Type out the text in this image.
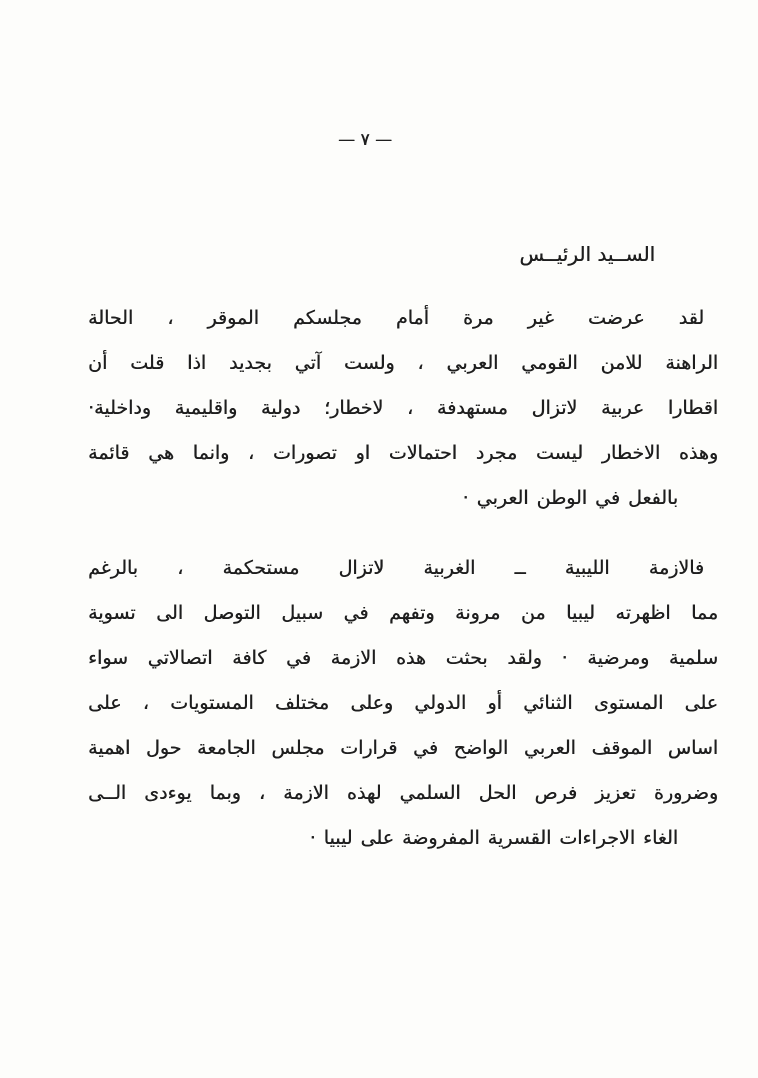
— ٧ —
الســيد الرئيــس
لقد عرضت غير مرة أمام مجلسكم الموقر ، الحالة
الراهنة للامن القومي العربي ، ولست آتي بجديد اذا قلت أن
اقطارا عربية لاتزال مستهدفة ، لاخطار؛ دولية واقليمية وداخلية·
وهذه الاخطار ليست مجرد احتمالات او تصورات ، وانما هي قائمة
بالفعل في الوطن العربي ·
فالازمة الليبية ــ الغربية لاتزال مستحكمة ، بالرغم
مما اظهرته ليبيا من مرونة وتفهم في سبيل التوصل الى تسوية
سلمية ومرضية · ولقد بحثت هذه الازمة في كافة اتصالاتي سواء
على المستوى الثنائي أو الدولي وعلى مختلف المستويات ، على
اساس الموقف العربي الواضح في قرارات مجلس الجامعة حول اهمية
وضرورة تعزيز فرص الحل السلمي لهذه الازمة ، وبما يوءدى الــى
الغاء الاجراءات القسرية المفروضة على ليبيا ·
